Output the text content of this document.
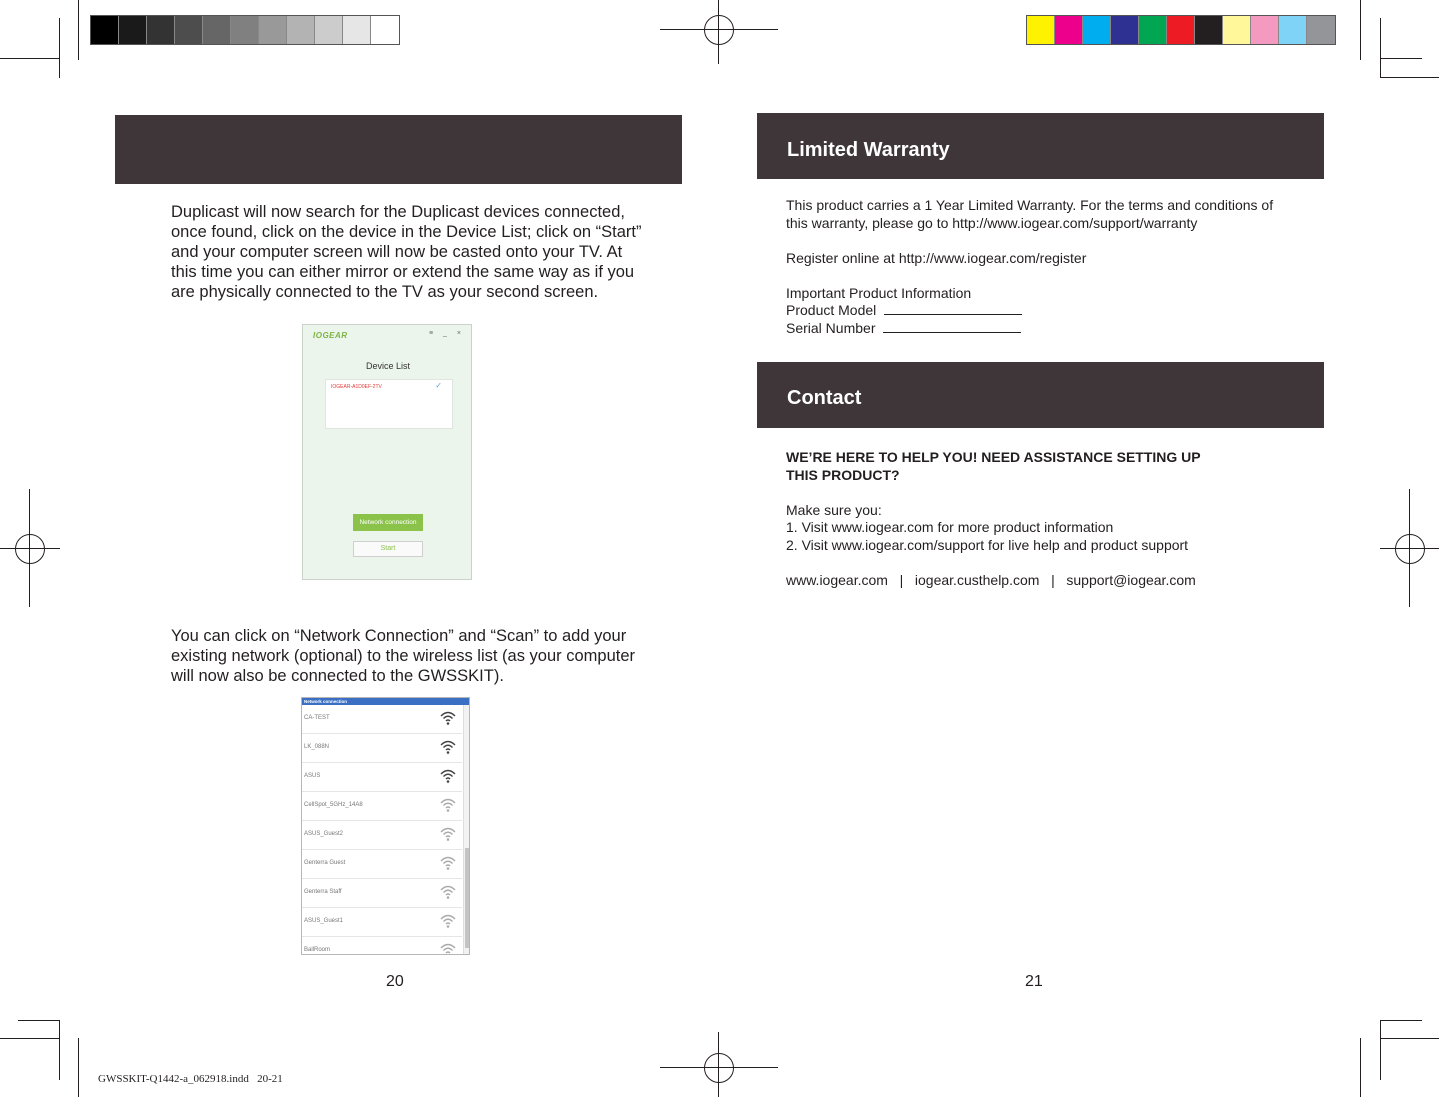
Duplicast will now search for the Duplicast devices connected,
once found, click on the device in the Device List; click on “Start”
and your computer screen will now be casted onto your TV. At
this time you can either mirror or extend the same way as if you
are physically connected to the TV as your second screen.
IOGEAR	≡ _ ×
Device List
IOGEAR-A1D0EF-2TV	✓
Network connection
Start
You can click on “Network Connection” and “Scan” to add your
existing network (optional) to the wireless list (as your computer
will now also be connected to the GWSSKIT).
Network connection
CA-TEST
LK_088N
ASUS
CellSpot_5GHz_14A8
ASUS_Guest2
Genterra Guest
Genterra Staff
ASUS_Guest1
BallRoom
20
Limited Warranty
This product carries a 1 Year Limited Warranty. For the terms and conditions of
this warranty, please go to http://www.iogear.com/support/warranty
Register online at http://www.iogear.com/register
Important Product Information
Product Model
Serial Number
Contact
WE’RE HERE TO HELP YOU! NEED ASSISTANCE SETTING UP
THIS PRODUCT?
Make sure you:
1. Visit www.iogear.com for more product information
2. Visit www.iogear.com/support for live help and product support
www.iogear.com   |   iogear.custhelp.com   |   support@iogear.com
21
GWSSKIT-Q1442-a_062918.indd   20-21
